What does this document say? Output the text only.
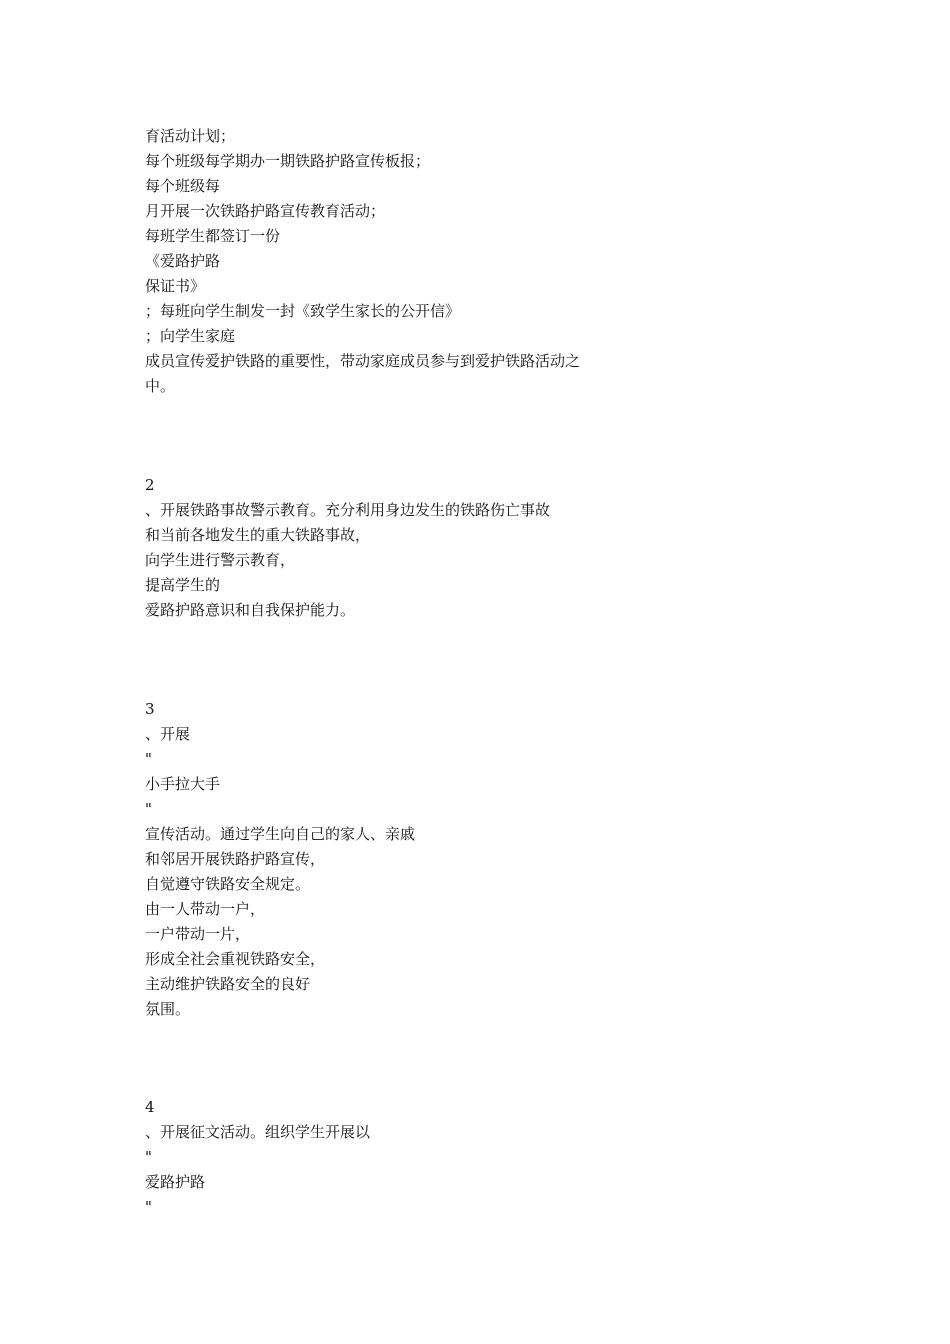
育活动计划；
每个班级每学期办一期铁路护路宣传板报；
每个班级每
月开展一次铁路护路宣传教育活动；
每班学生都签订一份
《爱路护路
保证书》
；每班向学生制发一封《致学生家长的公开信》
；向学生家庭
成员宣传爱护铁路的重要性，带动家庭成员参与到爱护铁路活动之
中。
2
、开展铁路事故警示教育。充分利用身边发生的铁路伤亡事故
和当前各地发生的重大铁路事故，
向学生进行警示教育，
提高学生的
爱路护路意识和自我保护能力。
3
、开展
"
小手拉大手
"
宣传活动。通过学生向自己的家人、亲戚
和邻居开展铁路护路宣传，
自觉遵守铁路安全规定。
由一人带动一户，
一户带动一片，
形成全社会重视铁路安全，
主动维护铁路安全的良好
氛围。
4
、开展征文活动。组织学生开展以
"
爱路护路
"
